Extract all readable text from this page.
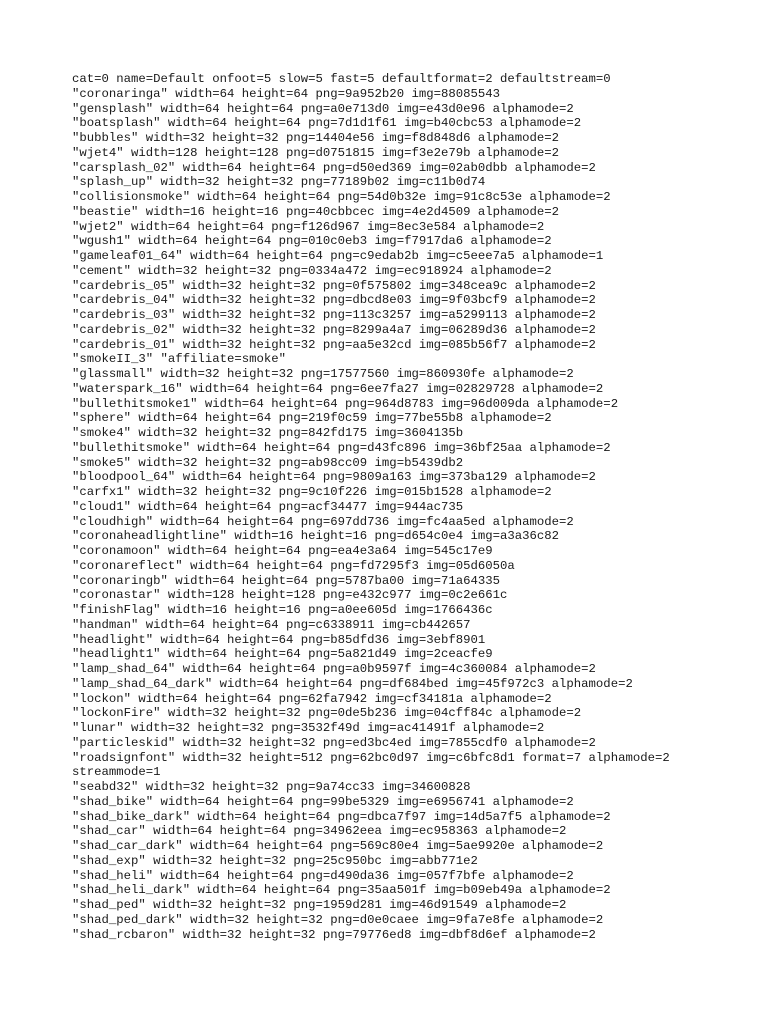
cat=0 name=Default onfoot=5 slow=5 fast=5 defaultformat=2 defaultstream=0
"coronaringa" width=64 height=64 png=9a952b20 img=88085543
"gensplash" width=64 height=64 png=a0e713d0 img=e43d0e96 alphamode=2
"boatsplash" width=64 height=64 png=7d1d1f61 img=b40cbc53 alphamode=2
"bubbles" width=32 height=32 png=14404e56 img=f8d848d6 alphamode=2
"wjet4" width=128 height=128 png=d0751815 img=f3e2e79b alphamode=2
"carsplash_02" width=64 height=64 png=d50ed369 img=02ab0dbb alphamode=2
"splash_up" width=32 height=32 png=77189b02 img=c11b0d74
"collisionsmoke" width=64 height=64 png=54d0b32e img=91c8c53e alphamode=2
"beastie" width=16 height=16 png=40cbbcec img=4e2d4509 alphamode=2
"wjet2" width=64 height=64 png=f126d967 img=8ec3e584 alphamode=2
"wgush1" width=64 height=64 png=010c0eb3 img=f7917da6 alphamode=2
"gameleaf01_64" width=64 height=64 png=c9edab2b img=c5eee7a5 alphamode=1
"cement" width=32 height=32 png=0334a472 img=ec918924 alphamode=2
"cardebris_05" width=32 height=32 png=0f575802 img=348cea9c alphamode=2
"cardebris_04" width=32 height=32 png=dbcd8e03 img=9f03bcf9 alphamode=2
"cardebris_03" width=32 height=32 png=113c3257 img=a5299113 alphamode=2
"cardebris_02" width=32 height=32 png=8299a4a7 img=06289d36 alphamode=2
"cardebris_01" width=32 height=32 png=aa5e32cd img=085b56f7 alphamode=2
"smokeII_3" "affiliate=smoke"
"glassmall" width=32 height=32 png=17577560 img=860930fe alphamode=2
"waterspark_16" width=64 height=64 png=6ee7fa27 img=02829728 alphamode=2
"bullethitsmoke1" width=64 height=64 png=964d8783 img=96d009da alphamode=2
"sphere" width=64 height=64 png=219f0c59 img=77be55b8 alphamode=2
"smoke4" width=32 height=32 png=842fd175 img=3604135b
"bullethitsmoke" width=64 height=64 png=d43fc896 img=36bf25aa alphamode=2
"smoke5" width=32 height=32 png=ab98cc09 img=b5439db2
"bloodpool_64" width=64 height=64 png=9809a163 img=373ba129 alphamode=2
"carfx1" width=32 height=32 png=9c10f226 img=015b1528 alphamode=2
"cloud1" width=64 height=64 png=acf34477 img=944ac735
"cloudhigh" width=64 height=64 png=697dd736 img=fc4aa5ed alphamode=2
"coronaheadlightline" width=16 height=16 png=d654c0e4 img=a3a36c82
"coronamoon" width=64 height=64 png=ea4e3a64 img=545c17e9
"coronareflect" width=64 height=64 png=fd7295f3 img=05d6050a
"coronaringb" width=64 height=64 png=5787ba00 img=71a64335
"coronastar" width=128 height=128 png=e432c977 img=0c2e661c
"finishFlag" width=16 height=16 png=a0ee605d img=1766436c
"handman" width=64 height=64 png=c6338911 img=cb442657
"headlight" width=64 height=64 png=b85dfd36 img=3ebf8901
"headlight1" width=64 height=64 png=5a821d49 img=2ceacfe9
"lamp_shad_64" width=64 height=64 png=a0b9597f img=4c360084 alphamode=2
"lamp_shad_64_dark" width=64 height=64 png=df684bed img=45f972c3 alphamode=2
"lockon" width=64 height=64 png=62fa7942 img=cf34181a alphamode=2
"lockonFire" width=32 height=32 png=0de5b236 img=04cff84c alphamode=2
"lunar" width=32 height=32 png=3532f49d img=ac41491f alphamode=2
"particleskid" width=32 height=32 png=ed3bc4ed img=7855cdf0 alphamode=2
"roadsignfont" width=32 height=512 png=62bc0d97 img=c6bfc8d1 format=7 alphamode=2
streammode=1
"seabd32" width=32 height=32 png=9a74cc33 img=34600828
"shad_bike" width=64 height=64 png=99be5329 img=e6956741 alphamode=2
"shad_bike_dark" width=64 height=64 png=dbca7f97 img=14d5a7f5 alphamode=2
"shad_car" width=64 height=64 png=34962eea img=ec958363 alphamode=2
"shad_car_dark" width=64 height=64 png=569c80e4 img=5ae9920e alphamode=2
"shad_exp" width=32 height=32 png=25c950bc img=abb771e2
"shad_heli" width=64 height=64 png=d490da36 img=057f7bfe alphamode=2
"shad_heli_dark" width=64 height=64 png=35aa501f img=b09eb49a alphamode=2
"shad_ped" width=32 height=32 png=1959d281 img=46d91549 alphamode=2
"shad_ped_dark" width=32 height=32 png=d0e0caee img=9fa7e8fe alphamode=2
"shad_rcbaron" width=32 height=32 png=79776ed8 img=dbf8d6ef alphamode=2
